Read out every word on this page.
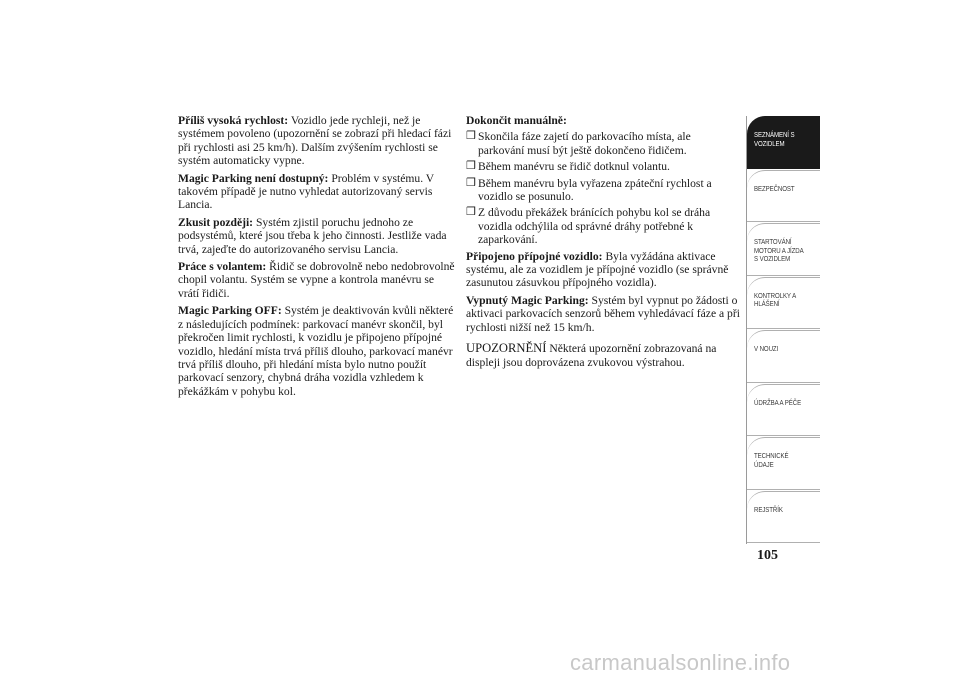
Příliš vysoká rychlost: Vozidlo jede rychleji, než je systémem povoleno (upozornění se zobrazí při hledací fázi při rychlosti asi 25 km/h). Dalším zvýšením rychlosti se systém automaticky vypne.

Magic Parking není dostupný: Problém v systému. V takovém případě je nutno vyhledat autorizovaný servis Lancia.

Zkusit později: Systém zjistil poruchu jednoho ze podsystémů, které jsou třeba k jeho činnosti. Jestliže vada trvá, zajeďte do autorizovaného servisu Lancia.

Práce s volantem: Řidič se dobrovolně nebo nedobrovolně chopil volantu. Systém se vypne a kontrola manévru se vrátí řidiči.

Magic Parking OFF: Systém je deaktivován kvůli některé z následujících podmínek: parkovací manévr skončil, byl překročen limit rychlosti, k vozidlu je připojeno přípojné vozidlo, hledání místa trvá příliš dlouho, parkovací manévr trvá příliš dlouho, při hledání místa bylo nutno použít parkovací senzory, chybná dráha vozidla vzhledem k překážkám v pohybu kol.

Dokončit manuálně:
❒ Skončila fáze zajetí do parkovacího místa, ale parkování musí být ještě dokončeno řidičem.
❒ Během manévru se řidič dotknul volantu.
❒ Během manévru byla vyřazena zpáteční rychlost a vozidlo se posunulo.
❒ Z důvodu překážek bránících pohybu kol se dráha vozidla odchýlila od správné dráhy potřebné k zaparkování.

Připojeno přípojné vozidlo: Byla vyžádána aktivace systému, ale za vozidlem je přípojné vozidlo (se správně zasunutou zásuvkou přípojného vozidla).

Vypnutý Magic Parking: Systém byl vypnut po žádosti o aktivaci parkovacích senzorů během vyhledávací fáze a při rychlosti nižší než 15 km/h.

UPOZORNĚNÍ Některá upozornění zobrazovaná na displeji jsou doprovázena zvukovou výstrahou.

SEZNÁMENÍ S
VOZIDLEM
BEZPEČNOST
STARTOVÁNÍ
MOTORU A JÍZDA
S VOZIDLEM
KONTROLKY A
HLÁŠENÍ
V NOUZI
ÚDRŽBA A PÉČE
TECHNICKÉ
ÚDAJE
REJSTŘÍK
105
carmanualsonline.info
